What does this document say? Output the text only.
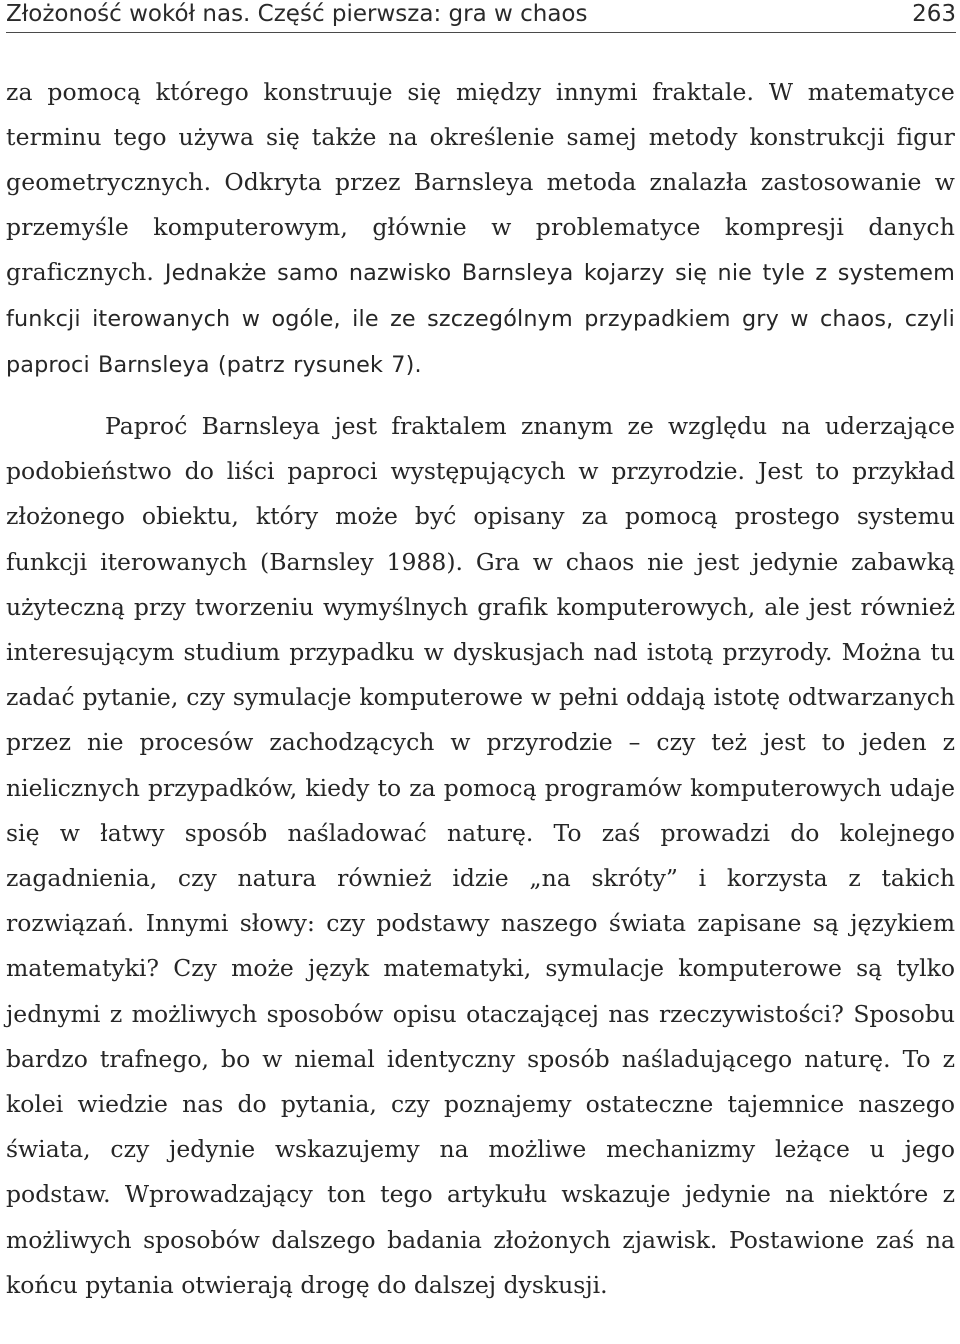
Złożoność wokół nas. Część pierwsza: gra w chaos	263

za pomocą którego konstruuje się między innymi fraktale. W matematyce terminu tego używa się także na określenie samej metody konstrukcji figur geometrycznych. Odkryta przez Barnsleya metoda znalazła zastosowanie w przemyśle komputerowym, głównie w problematyce kompresji danych graficznych. Jednakże samo nazwisko Barnsleya kojarzy się nie tyle z systemem funkcji iterowanych w ogóle, ile ze szczególnym przypadkiem gry w chaos, czyli paproci Barnsleya (patrz rysunek 7).

Paproć Barnsleya jest fraktalem znanym ze względu na uderzające podobieństwo do liści paproci występujących w przyrodzie. Jest to przykład złożonego obiektu, który może być opisany za pomocą prostego systemu funkcji iterowanych (Barnsley 1988). Gra w chaos nie jest jedynie zabawką użyteczną przy tworzeniu wymyślnych grafik komputerowych, ale jest również interesującym studium przypadku w dyskusjach nad istotą przyrody. Można tu zadać pytanie, czy symulacje komputerowe w pełni oddają istotę odtwarzanych przez nie procesów zachodzących w przyrodzie – czy też jest to jeden z nielicznych przypadków, kiedy to za pomocą programów komputerowych udaje się w łatwy sposób naśladować naturę. To zaś prowadzi do kolejnego zagadnienia, czy natura również idzie „na skróty” i korzysta z takich rozwiązań. Innymi słowy: czy podstawy naszego świata zapisane są językiem matematyki? Czy może język matematyki, symulacje komputerowe są tylko jednymi z możliwych sposobów opisu otaczającej nas rzeczywistości? Sposobu bardzo trafnego, bo w niemal identyczny sposób naśladującego naturę. To z kolei wiedzie nas do pytania, czy poznajemy ostateczne tajemnice naszego świata, czy jedynie wskazujemy na możliwe mechanizmy leżące u jego podstaw. Wprowadzający ton tego artykułu wskazuje jedynie na niektóre z możliwych sposobów dalszego badania złożonych zjawisk. Postawione zaś na końcu pytania otwierają drogę do dalszej dyskusji.
